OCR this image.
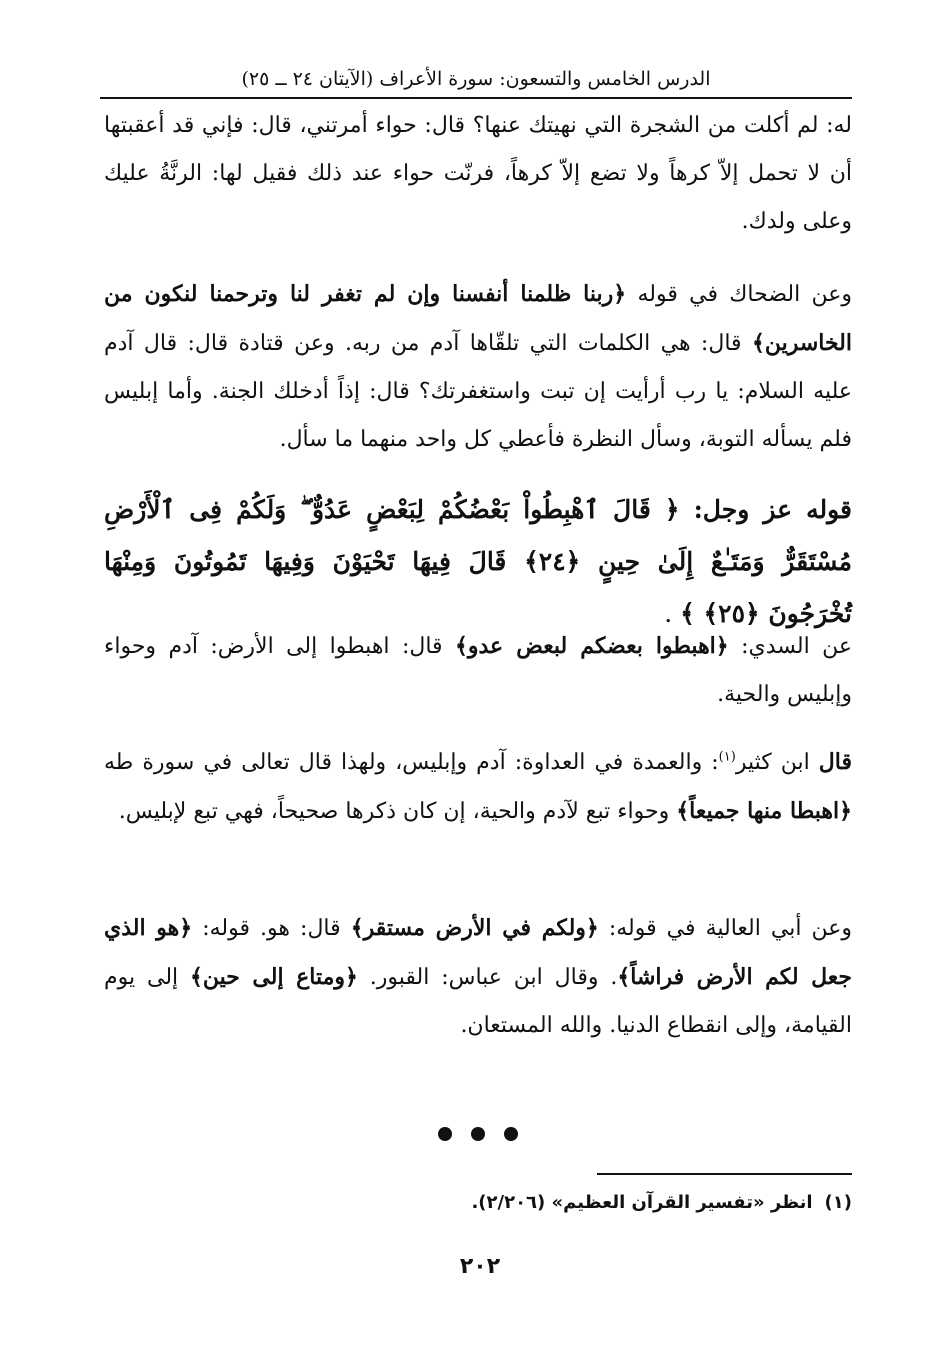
الدرس الخامس والتسعون: سورة الأعراف (الآيتان ٢٤ ــ ٢٥)

له: لم أكلت من الشجرة التي نهيتك عنها؟ قال: حواء أمرتني، قال: فإني قد أعقبتها أن لا تحمل إلاّ كرهاً ولا تضع إلاّ كرهاً، فرنّت حواء عند ذلك فقيل لها: الرنَّةُ عليك وعلى ولدك.

وعن الضحاك في قوله ﴿ربنا ظلمنا أنفسنا وإن لم تغفر لنا وترحمنا لنكون من الخاسرين﴾ قال: هي الكلمات التي تلقّاها آدم من ربه. وعن قتادة قال: قال آدم عليه السلام: يا رب أرأيت إن تبت واستغفرتك؟ قال: إذاً أدخلك الجنة. وأما إبليس فلم يسأله التوبة، وسأل النظرة فأعطي كل واحد منهما ما سأل.

قوله عز وجل: ﴿ قَالَ ٱهْبِطُواْ بَعْضُكُمْ لِبَعْضٍ عَدُوٌّ ۖ وَلَكُمْ فِى ٱلْأَرْضِ مُسْتَقَرٌّ وَمَتَـٰعٌ إِلَىٰ حِينٍ ﴿٢٤﴾ قَالَ فِيهَا تَحْيَوْنَ وَفِيهَا تَمُوتُونَ وَمِنْهَا تُخْرَجُونَ ﴿٢٥﴾ ﴾ .

عن السدي: ﴿اهبطوا بعضكم لبعض عدو﴾ قال: اهبطوا إلى الأرض: آدم وحواء وإبليس والحية.

قال ابن كثير$^{(١)}$: والعمدة في العداوة: آدم وإبليس، ولهذا قال تعالى في سورة طه ﴿اهبطا منها جميعاً﴾ وحواء تبع لآدم والحية، إن كان ذكرها صحيحاً، فهي تبع لإبليس.

وعن أبي العالية في قوله: ﴿ولكم في الأرض مستقر﴾ قال: هو. قوله: ﴿هو الذي جعل لكم الأرض فراشاً﴾. وقال ابن عباس: القبور. ﴿ومتاع إلى حين﴾ إلى يوم القيامة، وإلى انقطاع الدنيا. والله المستعان.

(١)انظر «تفسير القرآن العظيم» (٢/٢٠٦).
٢٠٢
